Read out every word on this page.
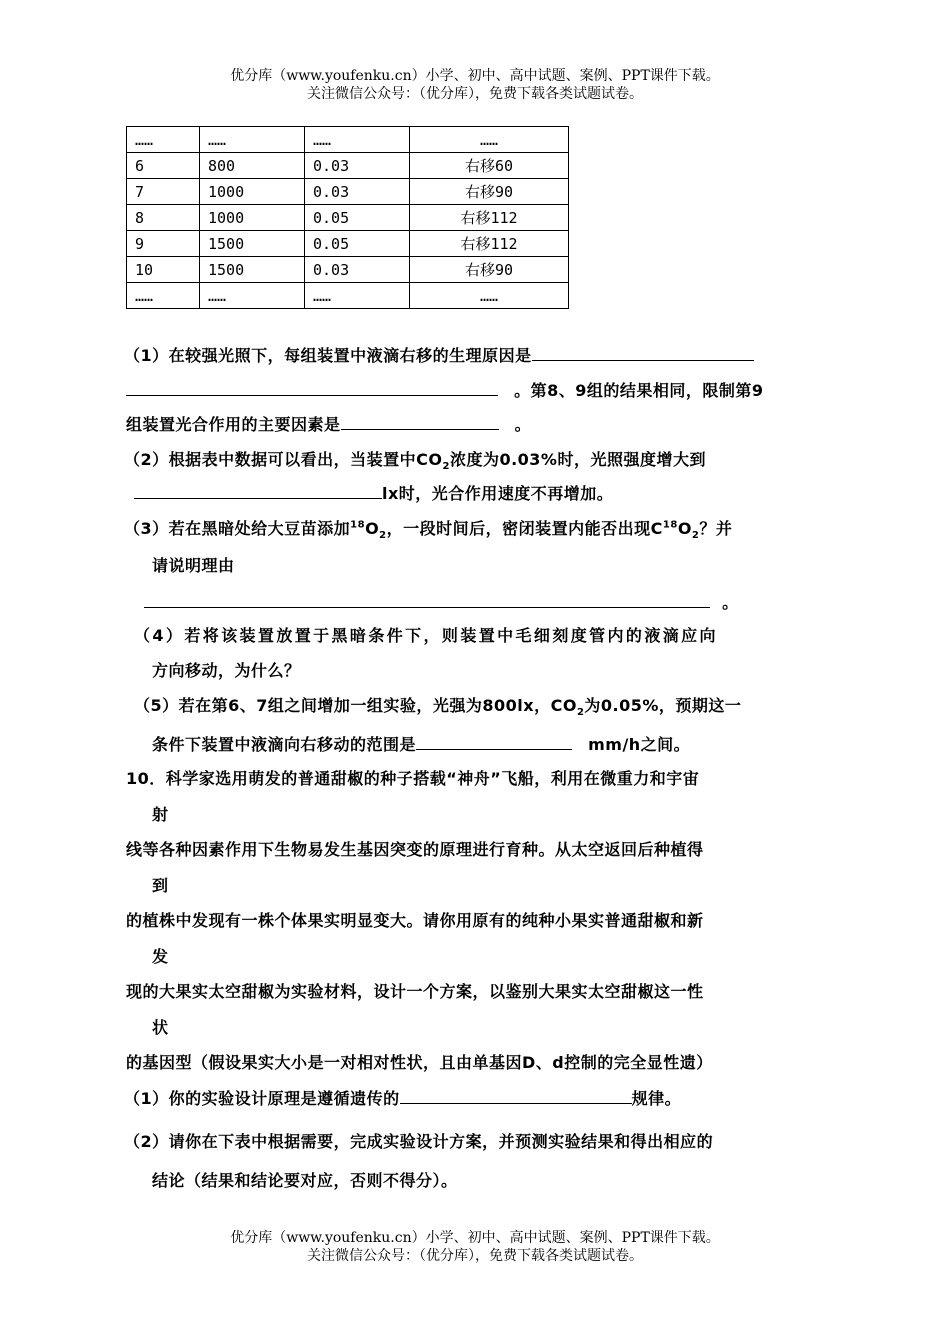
优分库（www.youfenku.cn）小学、初中、高中试题、案例、PPT课件下载。
关注微信公众号：（优分库），免费下载各类试题试卷。
……	……	……	……
6	800	0.03	右移60
7	1000	0.03	右移90
8	1000	0.05	右移112
9	1500	0.05	右移112
10	1500	0.03	右移90
……	……	……	……
（1）在较强光照下，每组装置中液滴右移的生理原因是
。第8、9组的结果相同，限制第9
组装置光合作用的主要因素是	。
（2）根据表中数据可以看出，当装置中$CO_2$浓度为0.03%时，光照强度增大到
lx时，光合作用速度不再增加。
（3）若在黑暗处给大豆苗添加$^{18}O_2$，一段时间后，密闭装置内能否出现$C^{18}O_2$？并
请说明理由
。
（4）若将该装置放置于黑暗条件下，则装置中毛细刻度管内的液滴应向
方向移动，为什么？
（5）若在第6、7组之间增加一组实验，光强为800lx，$CO_2$为0.05%，预期这一
条件下装置中液滴向右移动的范围是	mm/h之间。
10．科学家选用萌发的普通甜椒的种子搭载“神舟”飞船，利用在微重力和宇宙
射
线等各种因素作用下生物易发生基因突变的原理进行育种。从太空返回后种植得
到
的植株中发现有一株个体果实明显变大。请你用原有的纯种小果实普通甜椒和新
发
现的大果实太空甜椒为实验材料，设计一个方案，以鉴别大果实太空甜椒这一性
状
的基因型（假设果实大小是一对相对性状，且由单基因D、d控制的完全显性遗）
（1）你的实验设计原理是遵循遗传的	规律。
（2）请你在下表中根据需要，完成实验设计方案，并预测实验结果和得出相应的
结论（结果和结论要对应，否则不得分）。
优分库（www.youfenku.cn）小学、初中、高中试题、案例、PPT课件下载。
关注微信公众号：（优分库），免费下载各类试题试卷。
